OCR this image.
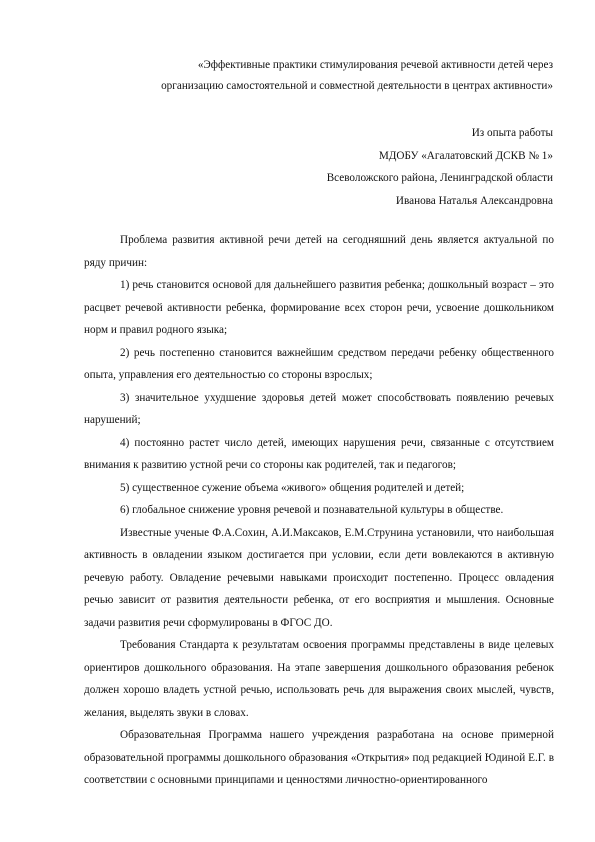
«Эффективные практики стимулирования речевой активности детей через
организацию самостоятельной и совместной деятельности в центрах активности»
Из опыта работы
МДОБУ «Агалатовский ДСКВ № 1»
Всеволожского района, Ленинградской области
Иванова Наталья Александровна

Проблема развития активной речи детей на сегодняшний день является актуальной по ряду причин:

1) речь становится основой для дальнейшего развития ребенка; дошкольный возраст – это расцвет речевой активности ребенка, формирование всех сторон речи, усвоение дошкольником норм и правил родного языка;

2) речь постепенно становится важнейшим средством передачи ребенку общественного опыта, управления его деятельностью со стороны взрослых;

3) значительное ухудшение здоровья детей может способствовать появлению речевых нарушений;

4) постоянно растет число детей, имеющих нарушения речи, связанные с отсутствием внимания к развитию устной речи со стороны как родителей, так и педагогов;

5) существенное сужение объема «живого» общения родителей и детей;

6) глобальное снижение уровня речевой и познавательной культуры в обществе.

Известные ученые Ф.А.Сохин, А.И.Максаков, Е.М.Струнина установили, что наибольшая активность в овладении языком достигается при условии, если дети вовлекаются в активную речевую работу. Овладение речевыми навыками происходит постепенно. Процесс овладения речью зависит от развития деятельности ребенка, от его восприятия и мышления. Основные задачи развития речи сформулированы в ФГОС ДО.

Требования Стандарта к результатам освоения программы представлены в виде целевых ориентиров дошкольного образования. На этапе завершения дошкольного образования ребенок должен хорошо владеть устной речью, использовать речь для выражения своих мыслей, чувств, желания, выделять звуки в словах.

Образовательная Программа нашего учреждения разработана на основе примерной образовательной программы дошкольного образования «Открытия» под редакцией Юдиной Е.Г. в соответствии с основными принципами и ценностями личностно-ориентированного
